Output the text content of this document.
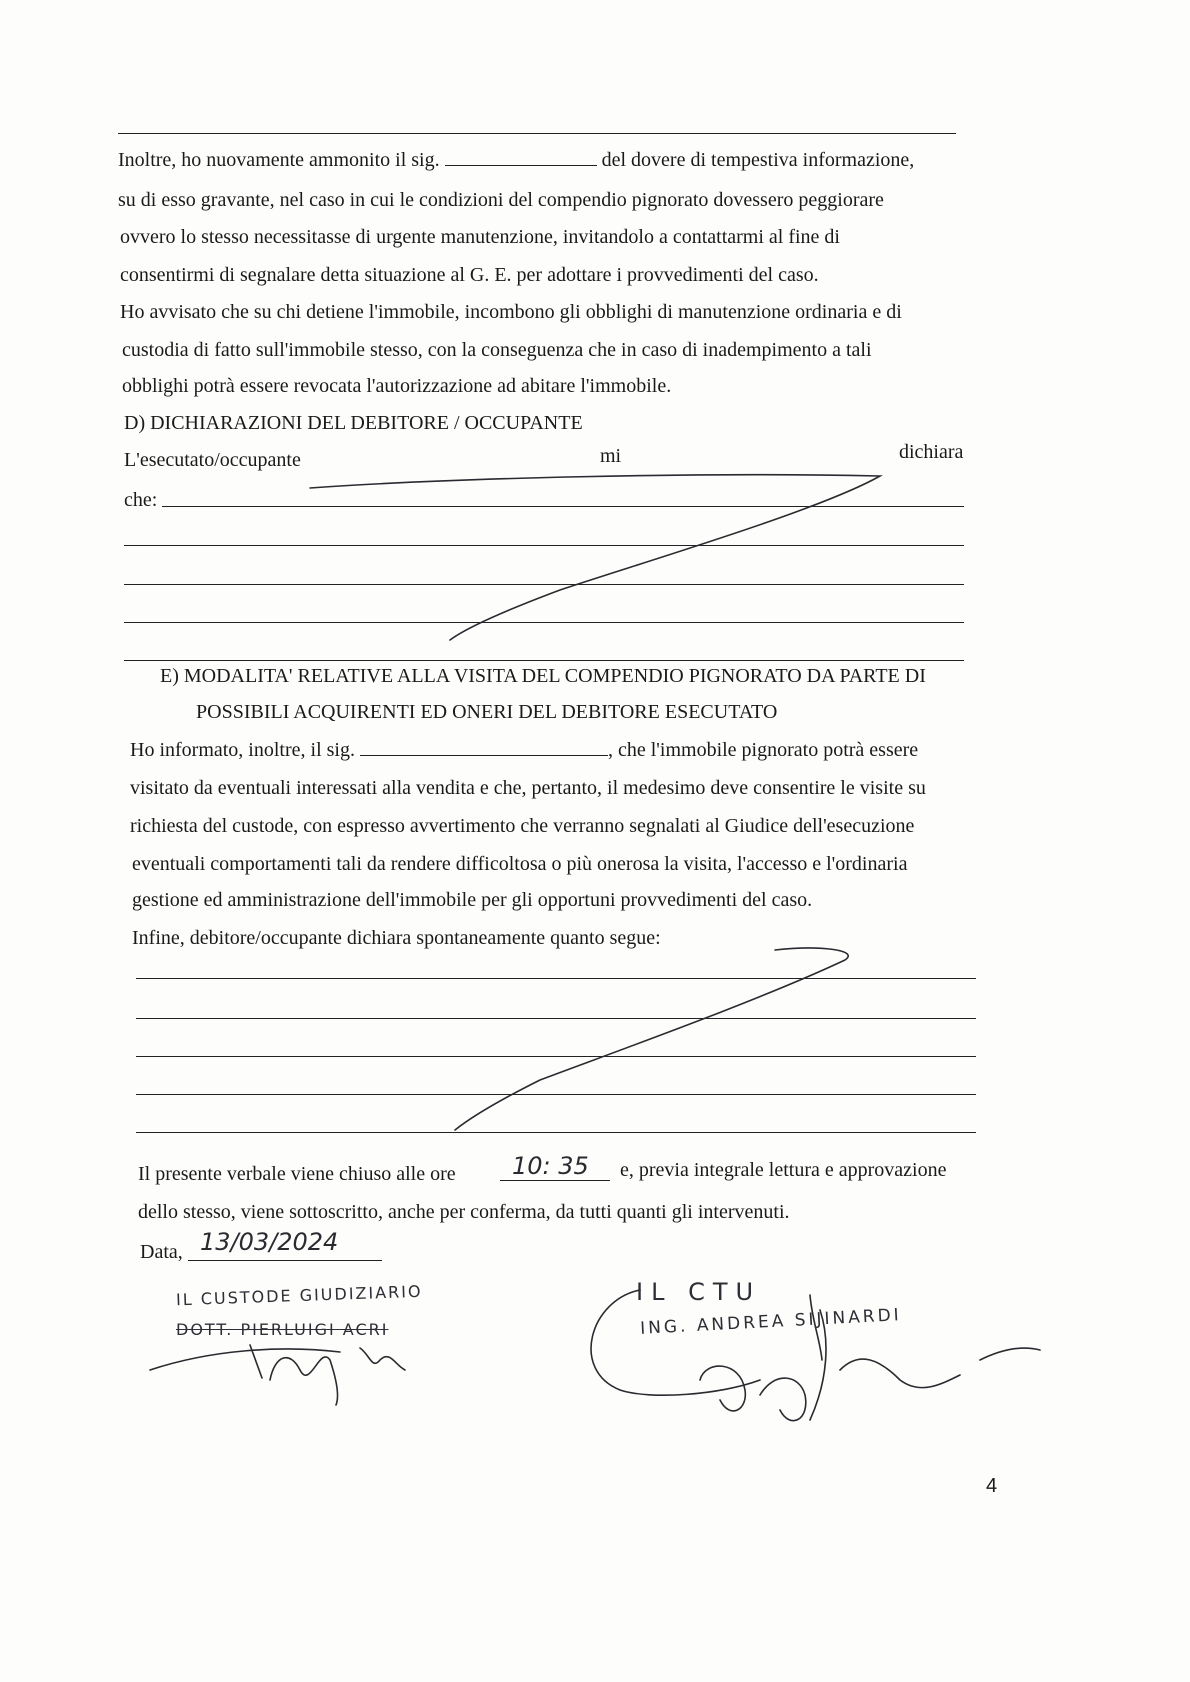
Inoltre, ho nuovamente ammonito il sig.	del dovere di tempestiva informazione,
su di esso gravante, nel caso in cui le condizioni del compendio pignorato dovessero peggiorare
ovvero lo stesso necessitasse di urgente manutenzione, invitandolo a contattarmi al fine di
consentirmi di segnalare detta situazione al G. E. per adottare i provvedimenti del caso.
Ho avvisato che su chi detiene l'immobile, incombono gli obblighi di manutenzione ordinaria e di
custodia di fatto sull'immobile stesso, con la conseguenza che in caso di inadempimento a tali
obblighi potrà essere revocata l'autorizzazione ad abitare l'immobile.
D) DICHIARAZIONI DEL DEBITORE / OCCUPANTE
L'esecutato/occupante	mi	dichiara
che:
E) MODALITA' RELATIVE ALLA VISITA DEL COMPENDIO PIGNORATO DA PARTE DI
POSSIBILI ACQUIRENTI ED ONERI DEL DEBITORE ESECUTATO
Ho informato, inoltre, il sig.	, che l'immobile pignorato potrà essere
visitato da eventuali interessati alla vendita e che, pertanto, il medesimo deve consentire le visite su
richiesta del custode, con espresso avvertimento che verranno segnalati al Giudice dell'esecuzione
eventuali comportamenti tali da rendere difficoltosa o più onerosa la visita, l'accesso e l'ordinaria
gestione ed amministrazione dell'immobile per gli opportuni provvedimenti del caso.
Infine, debitore/occupante dichiara spontaneamente quanto segue:
Il presente verbale viene chiuso alle ore 10: 35 e, previa integrale lettura e approvazione
dello stesso, viene sottoscritto, anche per conferma, da tutti quanti gli intervenuti.
Data, 13/03/2024
IL CUSTODE GIUDIZIARIO
DOTT. PIERLUIGI ACRI
IL CTU
ING. ANDREA SIJINARDI
4
